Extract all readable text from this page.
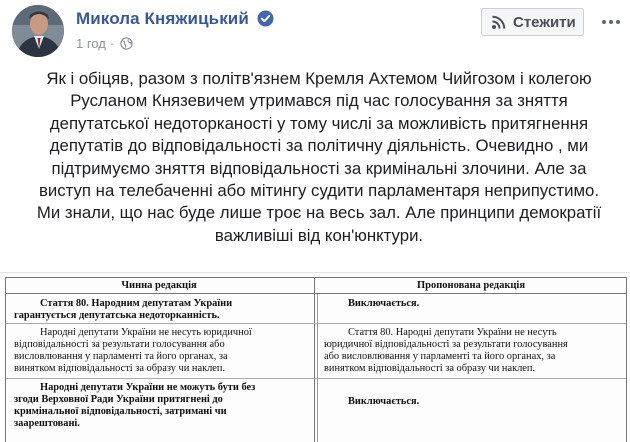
Микола Княжицький
1 год ·
Стежити
Як і обіцяв, разом з політв'язнем Кремля Ахтемом Чийгозом і колегою
Русланом Князевичем утримався під час голосування за зняття
депутатської недоторканості у тому числі за можливість притягнення
депутатів до відповідальності за політичну діяльність. Очевидно , ми
підтримуємо зняття відповідальності за кримінальні злочини. Але за
виступ на телебаченні або мітингу судити парламентаря неприпустимо.
Ми знали, що нас буде лише троє на весь зал. Але принципи демократії
важливіші від кон'юнктури.
Чинна редакція	Пропонована редакція
Стаття 80. Народним депутатам України
гарантується депутатська недоторканність.
Виключається.
Народні депутати України не несуть юридичної
відповідальності за результати голосування або
висловлювання у парламенті та його органах, за
винятком відповідальності за образу чи наклеп.
Стаття 80. Народні депутати України не несуть
юридичної відповідальності за результати голосування
або висловлювання у парламенті та його органах, за
винятком відповідальності за образу чи наклеп.
Народні депутати України не можуть бути без
згоди Верховної Ради України притягнені до
кримінальної відповідальності, затримані чи
заарештовані.
Виключається.
